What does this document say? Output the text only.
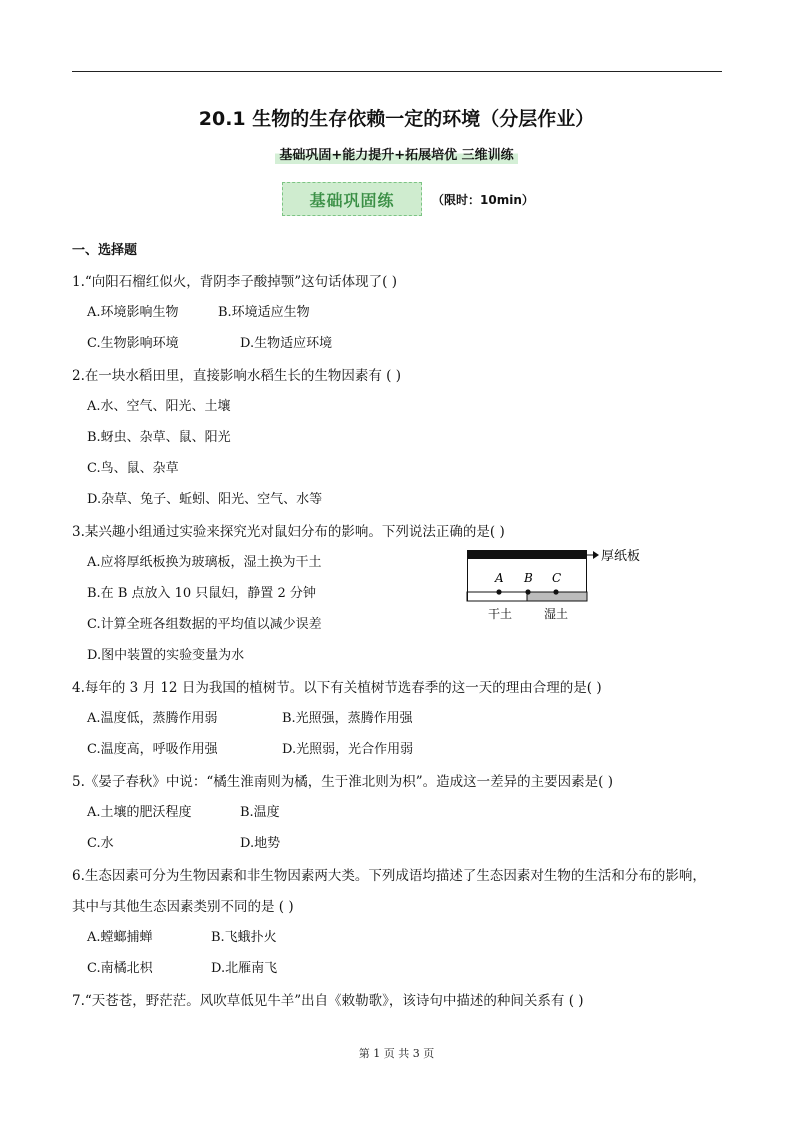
20.1 生物的生存依赖一定的环境（分层作业）
基础巩固+能力提升+拓展培优 三维训练
基础巩固练	（限时：10min）
一、选择题
1.“向阳石榴红似火，背阴李子酸掉颚”这句话体现了( )
A.环境影响生物	B.环境适应生物
C.生物影响环境	D.生物适应环境
2.在一块水稻田里，直接影响水稻生长的生物因素有 ( )
A.水、空气、阳光、土壤
B.蚜虫、杂草、鼠、阳光
C.鸟、鼠、杂草
D.杂草、兔子、蚯蚓、阳光、空气、水等
3.某兴趣小组通过实验来探究光对鼠妇分布的影响。下列说法正确的是( )
A.应将厚纸板换为玻璃板，湿土换为干土
B.在 B 点放入 10 只鼠妇，静置 2 分钟
C.计算全班各组数据的平均值以减少误差
D.图中装置的实验变量为水
厚纸板
A B C
干土	湿土
4.每年的 3 月 12 日为我国的植树节。以下有关植树节选春季的这一天的理由合理的是( )
A.温度低，蒸腾作用弱	B.光照强，蒸腾作用强
C.温度高，呼吸作用强	D.光照弱，光合作用弱
5.《晏子春秋》中说：“橘生淮南则为橘，生于淮北则为枳”。造成这一差异的主要因素是( )
A.土壤的肥沃程度	B.温度
C.水	D.地势
6.生态因素可分为生物因素和非生物因素两大类。下列成语均描述了生态因素对生物的生活和分布的影响，
其中与其他生态因素类别不同的是 ( )
A.螳螂捕蝉	B.飞蛾扑火
C.南橘北枳	D.北雁南飞
7.“天苍苍，野茫茫。风吹草低见牛羊”出自《敕勒歌》，该诗句中描述的种间关系有 ( )
第 1 页 共 3 页
